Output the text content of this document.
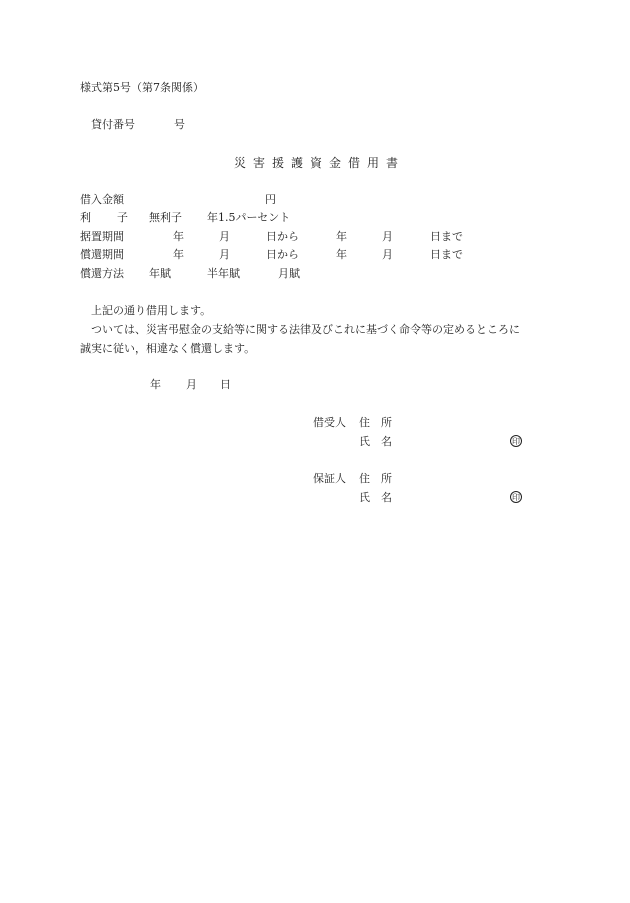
様式第5号（第7条関係）
貸付番号	号
災害援護資金借用書
借入金額	円
利 子 無利子 年1.5パーセント
据置期間	年	月	日から	年	月	日まで
償還期間	年	月	日から	年	月	日まで
償還方法 年賦	半年賦	月賦
上記の通り借用します。
ついては、災害弔慰金の支給等に関する法律及びこれに基づく命令等の定めるところに
誠実に従い，相違なく償還します。
年 月 日
借受人 住　所
氏　名	印
保証人 住　所
氏　名	印
